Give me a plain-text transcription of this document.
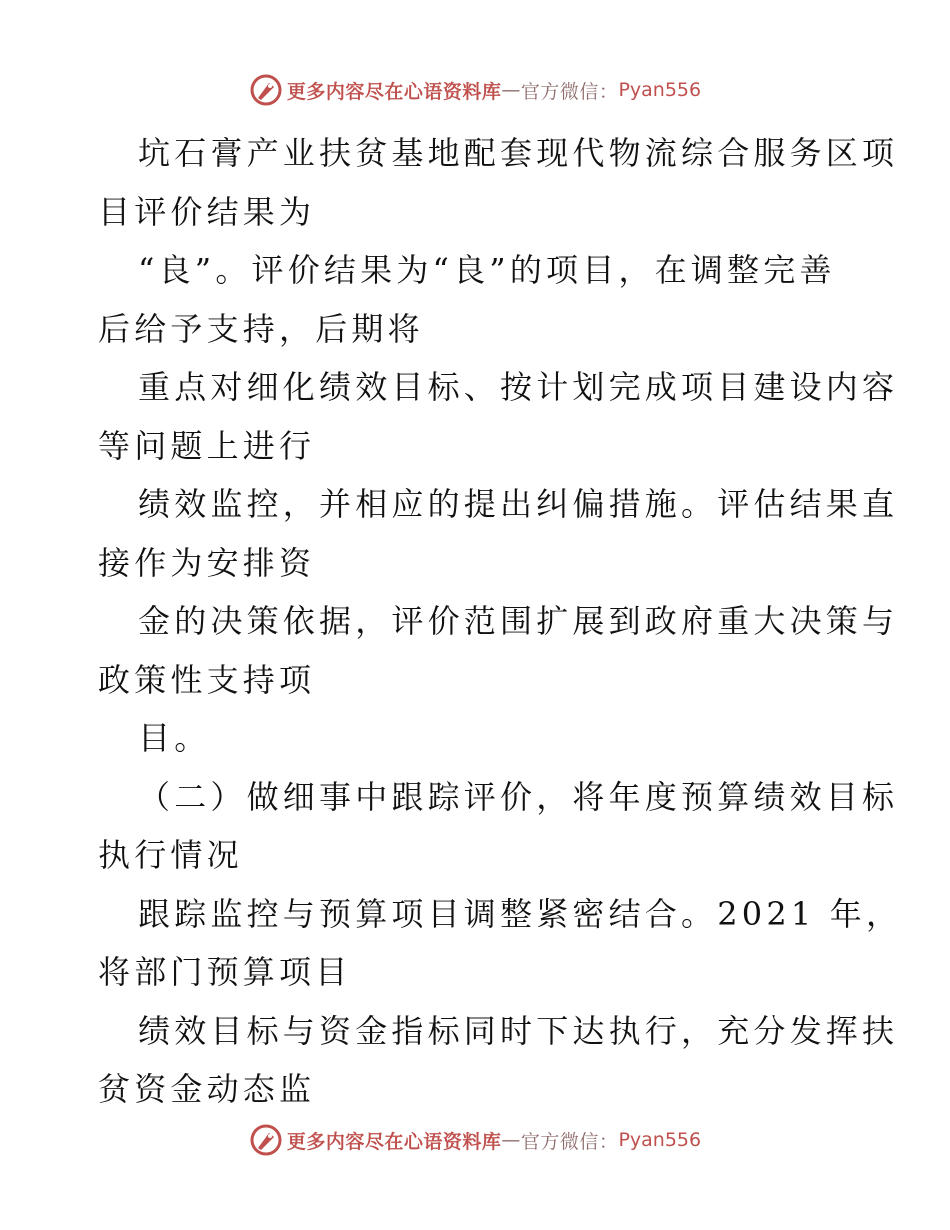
更多内容尽在心语资料库 — 官方微信： Pyan556
坑石膏产业扶贫基地配套现代物流综合服务区项
目评价结果为
“良”。评价结果为“良”的项目，在调整完善
后给予支持，后期将
重点对细化绩效目标、按计划完成项目建设内容
等问题上进行
绩效监控，并相应的提出纠偏措施。评估结果直
接作为安排资
金的决策依据，评价范围扩展到政府重大决策与
政策性支持项
目。
（二）做细事中跟踪评价，将年度预算绩效目标
执行情况
跟踪监控与预算项目调整紧密结合。2021 年，
将部门预算项目
绩效目标与资金指标同时下达执行，充分发挥扶
贫资金动态监
更多内容尽在心语资料库 — 官方微信： Pyan556
